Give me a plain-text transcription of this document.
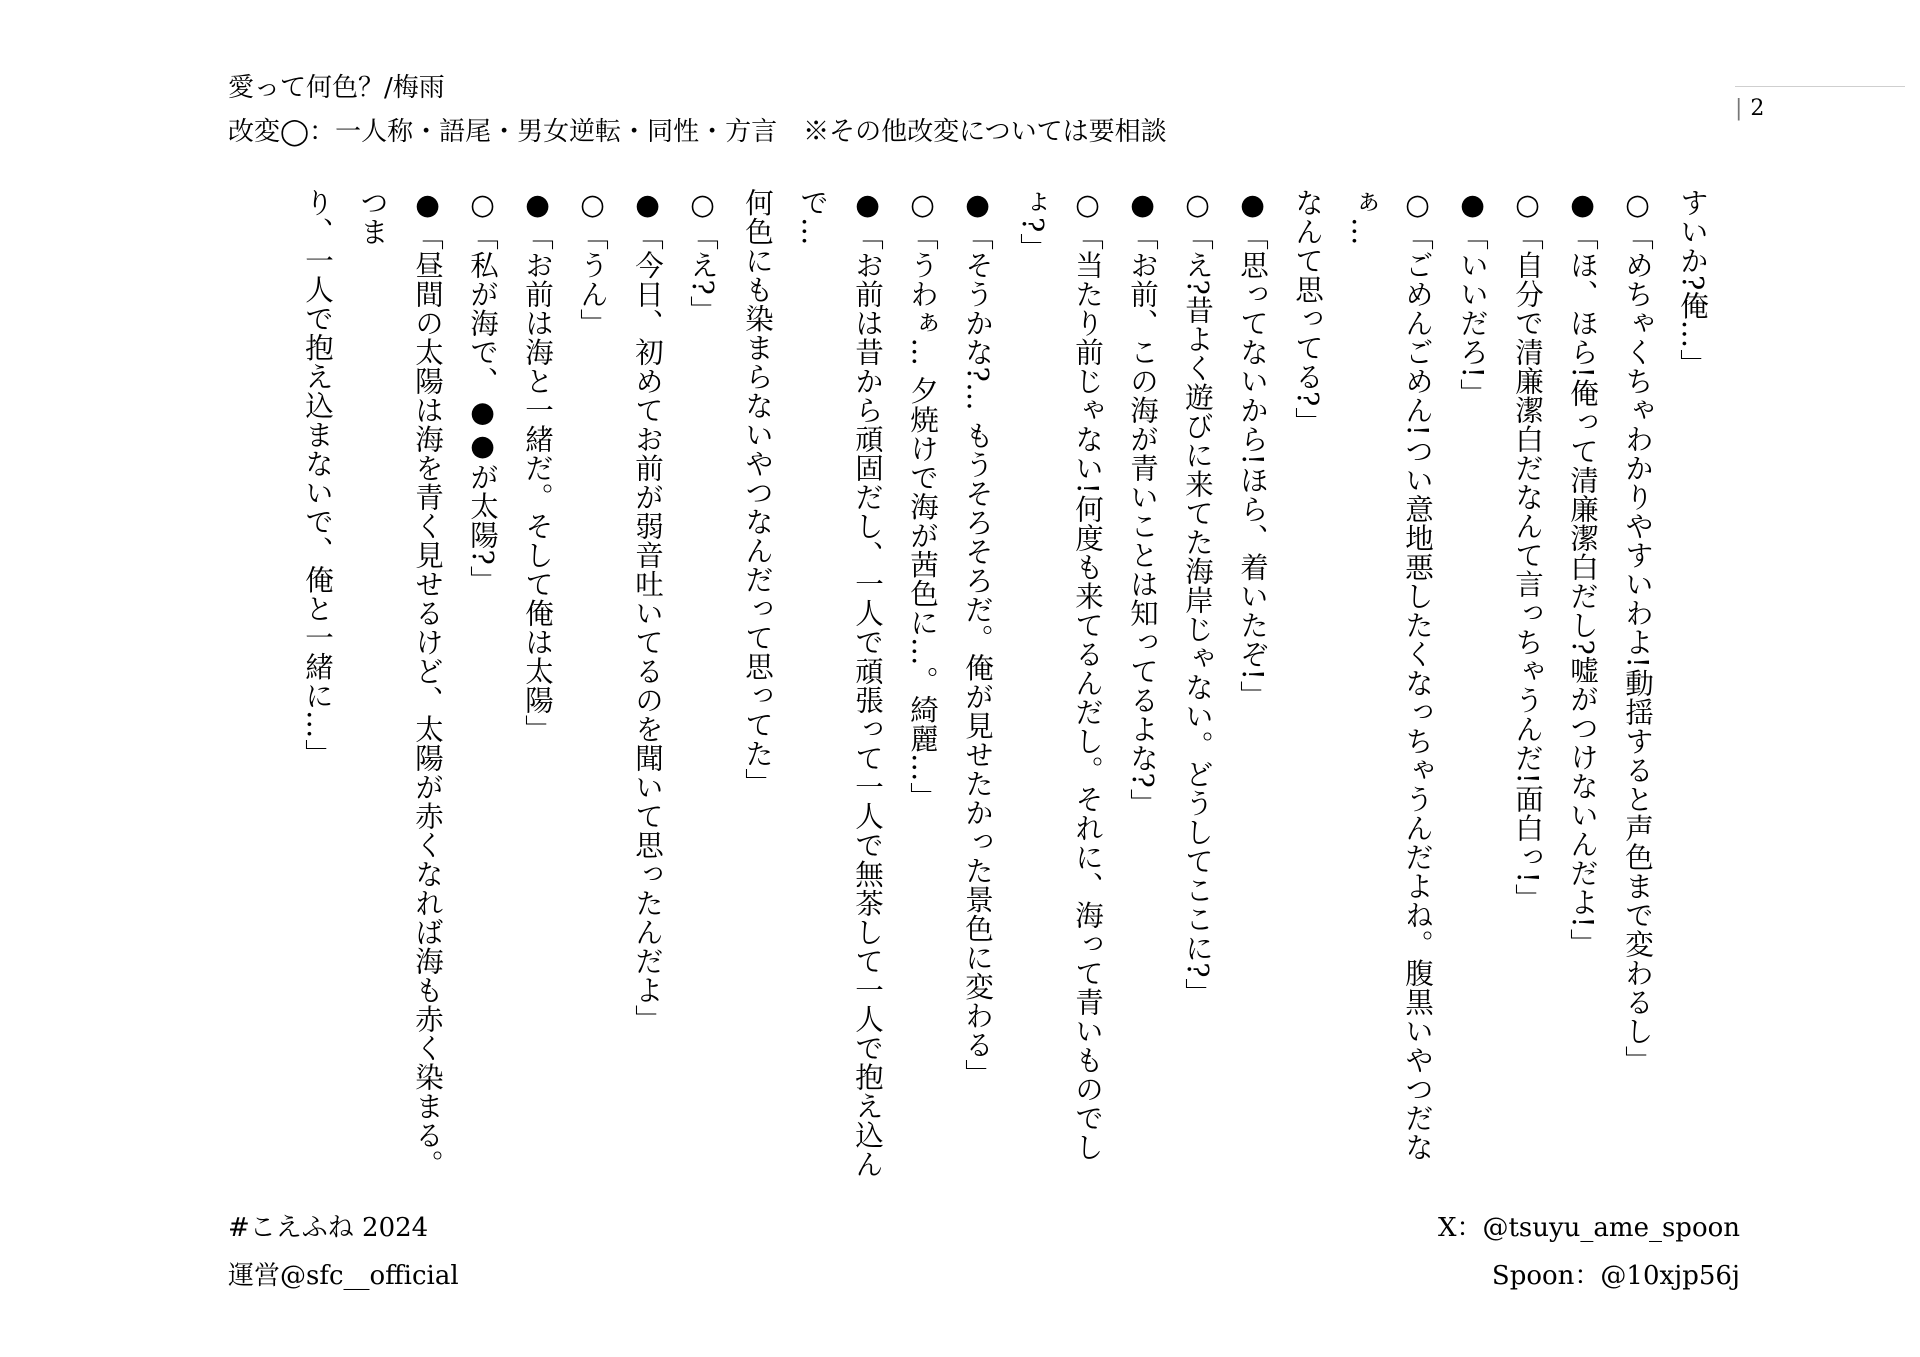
愛って何色？/梅雨
改変◯：一人称・語尾・男女逆転・同性・方言　※その他改変については要相談
| 2

すいか?俺…」

○「めちゃくちゃわかりやすいわよ!動揺すると声色まで変わるし」

●「ほ、ほら!俺って清廉潔白だし?嘘がつけないんだよ!」

○「自分で清廉潔白だなんて言っちゃうんだ!面白っ!」

●「いいだろ!」

○「ごめんごめん!つい意地悪したくなっちゃうんだよね。腹黒いやつだなぁ…

なんて思ってる?」

●「思ってないから!ほら、着いたぞ!」

○「え?昔よく遊びに来てた海岸じゃない。どうしてここに?」

●「お前、この海が青いことは知ってるよな?」

○「当たり前じゃない!何度も来てるんだし。それに、海って青いものでしょ?」

●「そうかな?… もうそろそろだ。俺が見せたかった景色に変わる」

○「うわぁ… 夕焼けで海が茜色に…。綺麗…」

●「お前は昔から頑固だし、一人で頑張って一人で無茶して一人で抱え込んで…

何色にも染まらないやつなんだって思ってた」

○「え?」

●「今日、初めてお前が弱音吐いてるのを聞いて思ったんだよ」

○「うん」

●「お前は海と一緒だ。そして俺は太陽」

○「私が海で、●●が太陽?」

●「昼間の太陽は海を青く見せるけど、太陽が赤くなれば海も赤く染まる。つま

り、一人で抱え込まないで、俺と一緒に…」

#こえふね 2024
運営@sfc__official
X：@tsuyu_ame_spoon
Spoon：@10xjp56j
